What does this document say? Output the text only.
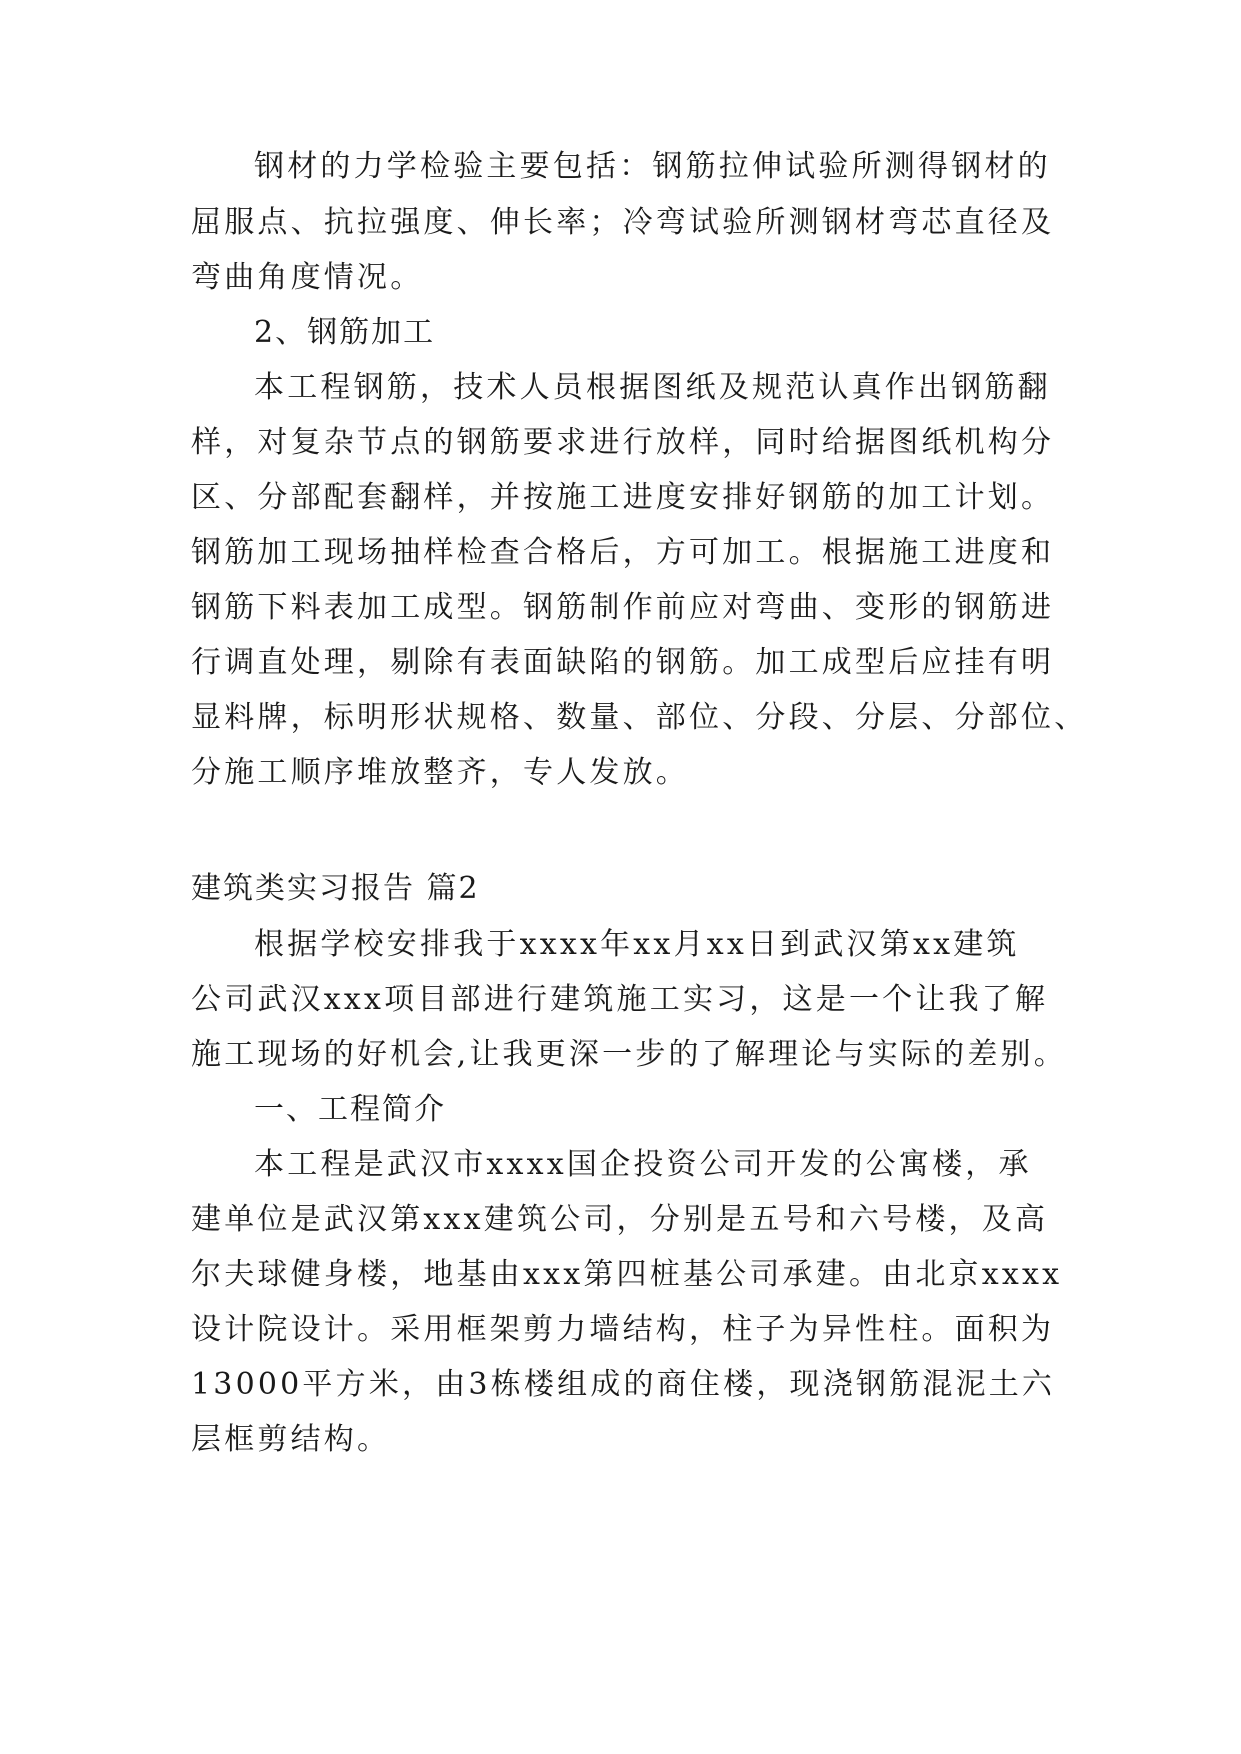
钢材的力学检验主要包括：钢筋拉伸试验所测得钢材的
屈服点、抗拉强度、伸长率；冷弯试验所测钢材弯芯直径及
弯曲角度情况。
2、钢筋加工
本工程钢筋，技术人员根据图纸及规范认真作出钢筋翻
样，对复杂节点的钢筋要求进行放样，同时给据图纸机构分
区、分部配套翻样，并按施工进度安排好钢筋的加工计划。
钢筋加工现场抽样检查合格后，方可加工。根据施工进度和
钢筋下料表加工成型。钢筋制作前应对弯曲、变形的钢筋进
行调直处理，剔除有表面缺陷的钢筋。加工成型后应挂有明
显料牌，标明形状规格、数量、部位、分段、分层、分部位、
分施工顺序堆放整齐，专人发放。
建筑类实习报告 篇2
根据学校安排我于xxxx年xx月xx日到武汉第xx建筑
公司武汉xxx项目部进行建筑施工实习，这是一个让我了解
施工现场的好机会,让我更深一步的了解理论与实际的差别。
一、工程简介
本工程是武汉市xxxx国企投资公司开发的公寓楼，承
建单位是武汉第xxx建筑公司，分别是五号和六号楼，及高
尔夫球健身楼，地基由xxx第四桩基公司承建。由北京xxxx
设计院设计。采用框架剪力墙结构，柱子为异性柱。面积为
13000平方米，由3栋楼组成的商住楼，现浇钢筋混泥土六
层框剪结构。
